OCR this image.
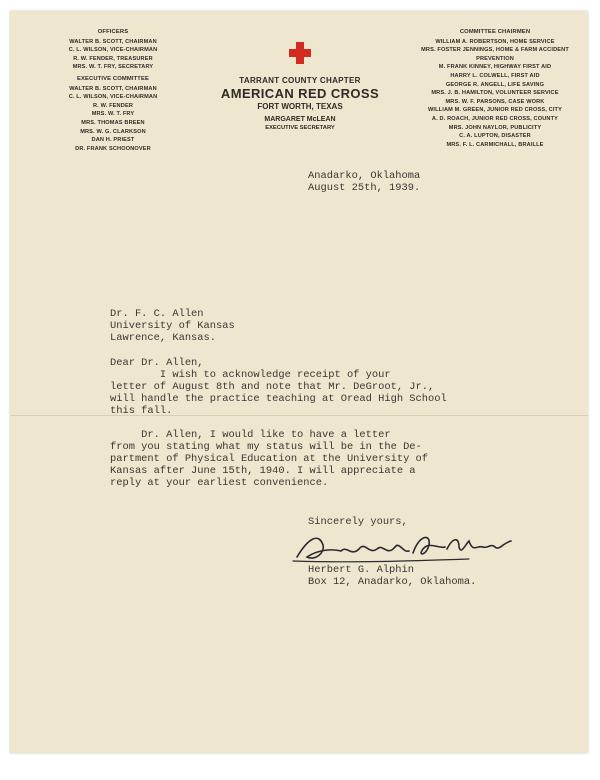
OFFICERS
WALTER B. SCOTT, CHAIRMAN
C. L. WILSON, VICE-CHAIRMAN
R. W. FENDER, TREASURER
MRS. W. T. FRY, SECRETARY
EXECUTIVE COMMITTEE
WALTER B. SCOTT, CHAIRMAN
C. L. WILSON, VICE-CHAIRMAN
R. W. FENDER
MRS. W. T. FRY
MRS. THOMAS BREEN
MRS. W. G. CLARKSON
DAN H. PRIEST
DR. FRANK SCHOONOVER
TARRANT COUNTY CHAPTER
AMERICAN RED CROSS
FORT WORTH, TEXAS
MARGARET McLEAN
EXECUTIVE SECRETARY
COMMITTEE CHAIRMEN
WILLIAM A. ROBERTSON, HOME SERVICE
MRS. FOSTER JENNINGS, HOME & FARM ACCIDENT PREVENTION
M. FRANK KINNEY, HIGHWAY FIRST AID
HARRY L. COLWELL, FIRST AID
GEORGE R. ANGELL, LIFE SAVING
MRS. J. B. HAMILTON, VOLUNTEER SERVICE
MRS. W. F. PARSONS, CASE WORK
WILLIAM M. GREEN, JUNIOR RED CROSS, CITY
A. D. ROACH, JUNIOR RED CROSS, COUNTY
MRS. JOHN NAYLOR, PUBLICITY
C. A. LUPTON, DISASTER
MRS. F. L. CARMICHALL, BRAILLE
Anadarko, Oklahoma
August 25th, 1939.
Dr. F. C. Allen
University of Kansas
Lawrence, Kansas.
Dear Dr. Allen,
I wish to acknowledge receipt of your
letter of August 8th and note that Mr. DeGroot, Jr.,
will handle the practice teaching at Oread High School
this fall.

Dr. Allen, I would like to have a letter
from you stating what my status will be in the De-
partment of Physical Education at the University of
Kansas after June 15th, 1940. I will appreciate a
reply at your earliest convenience.
Sincerely yours,
Herbert G. Alphin
Box 12, Anadarko, Oklahoma.
